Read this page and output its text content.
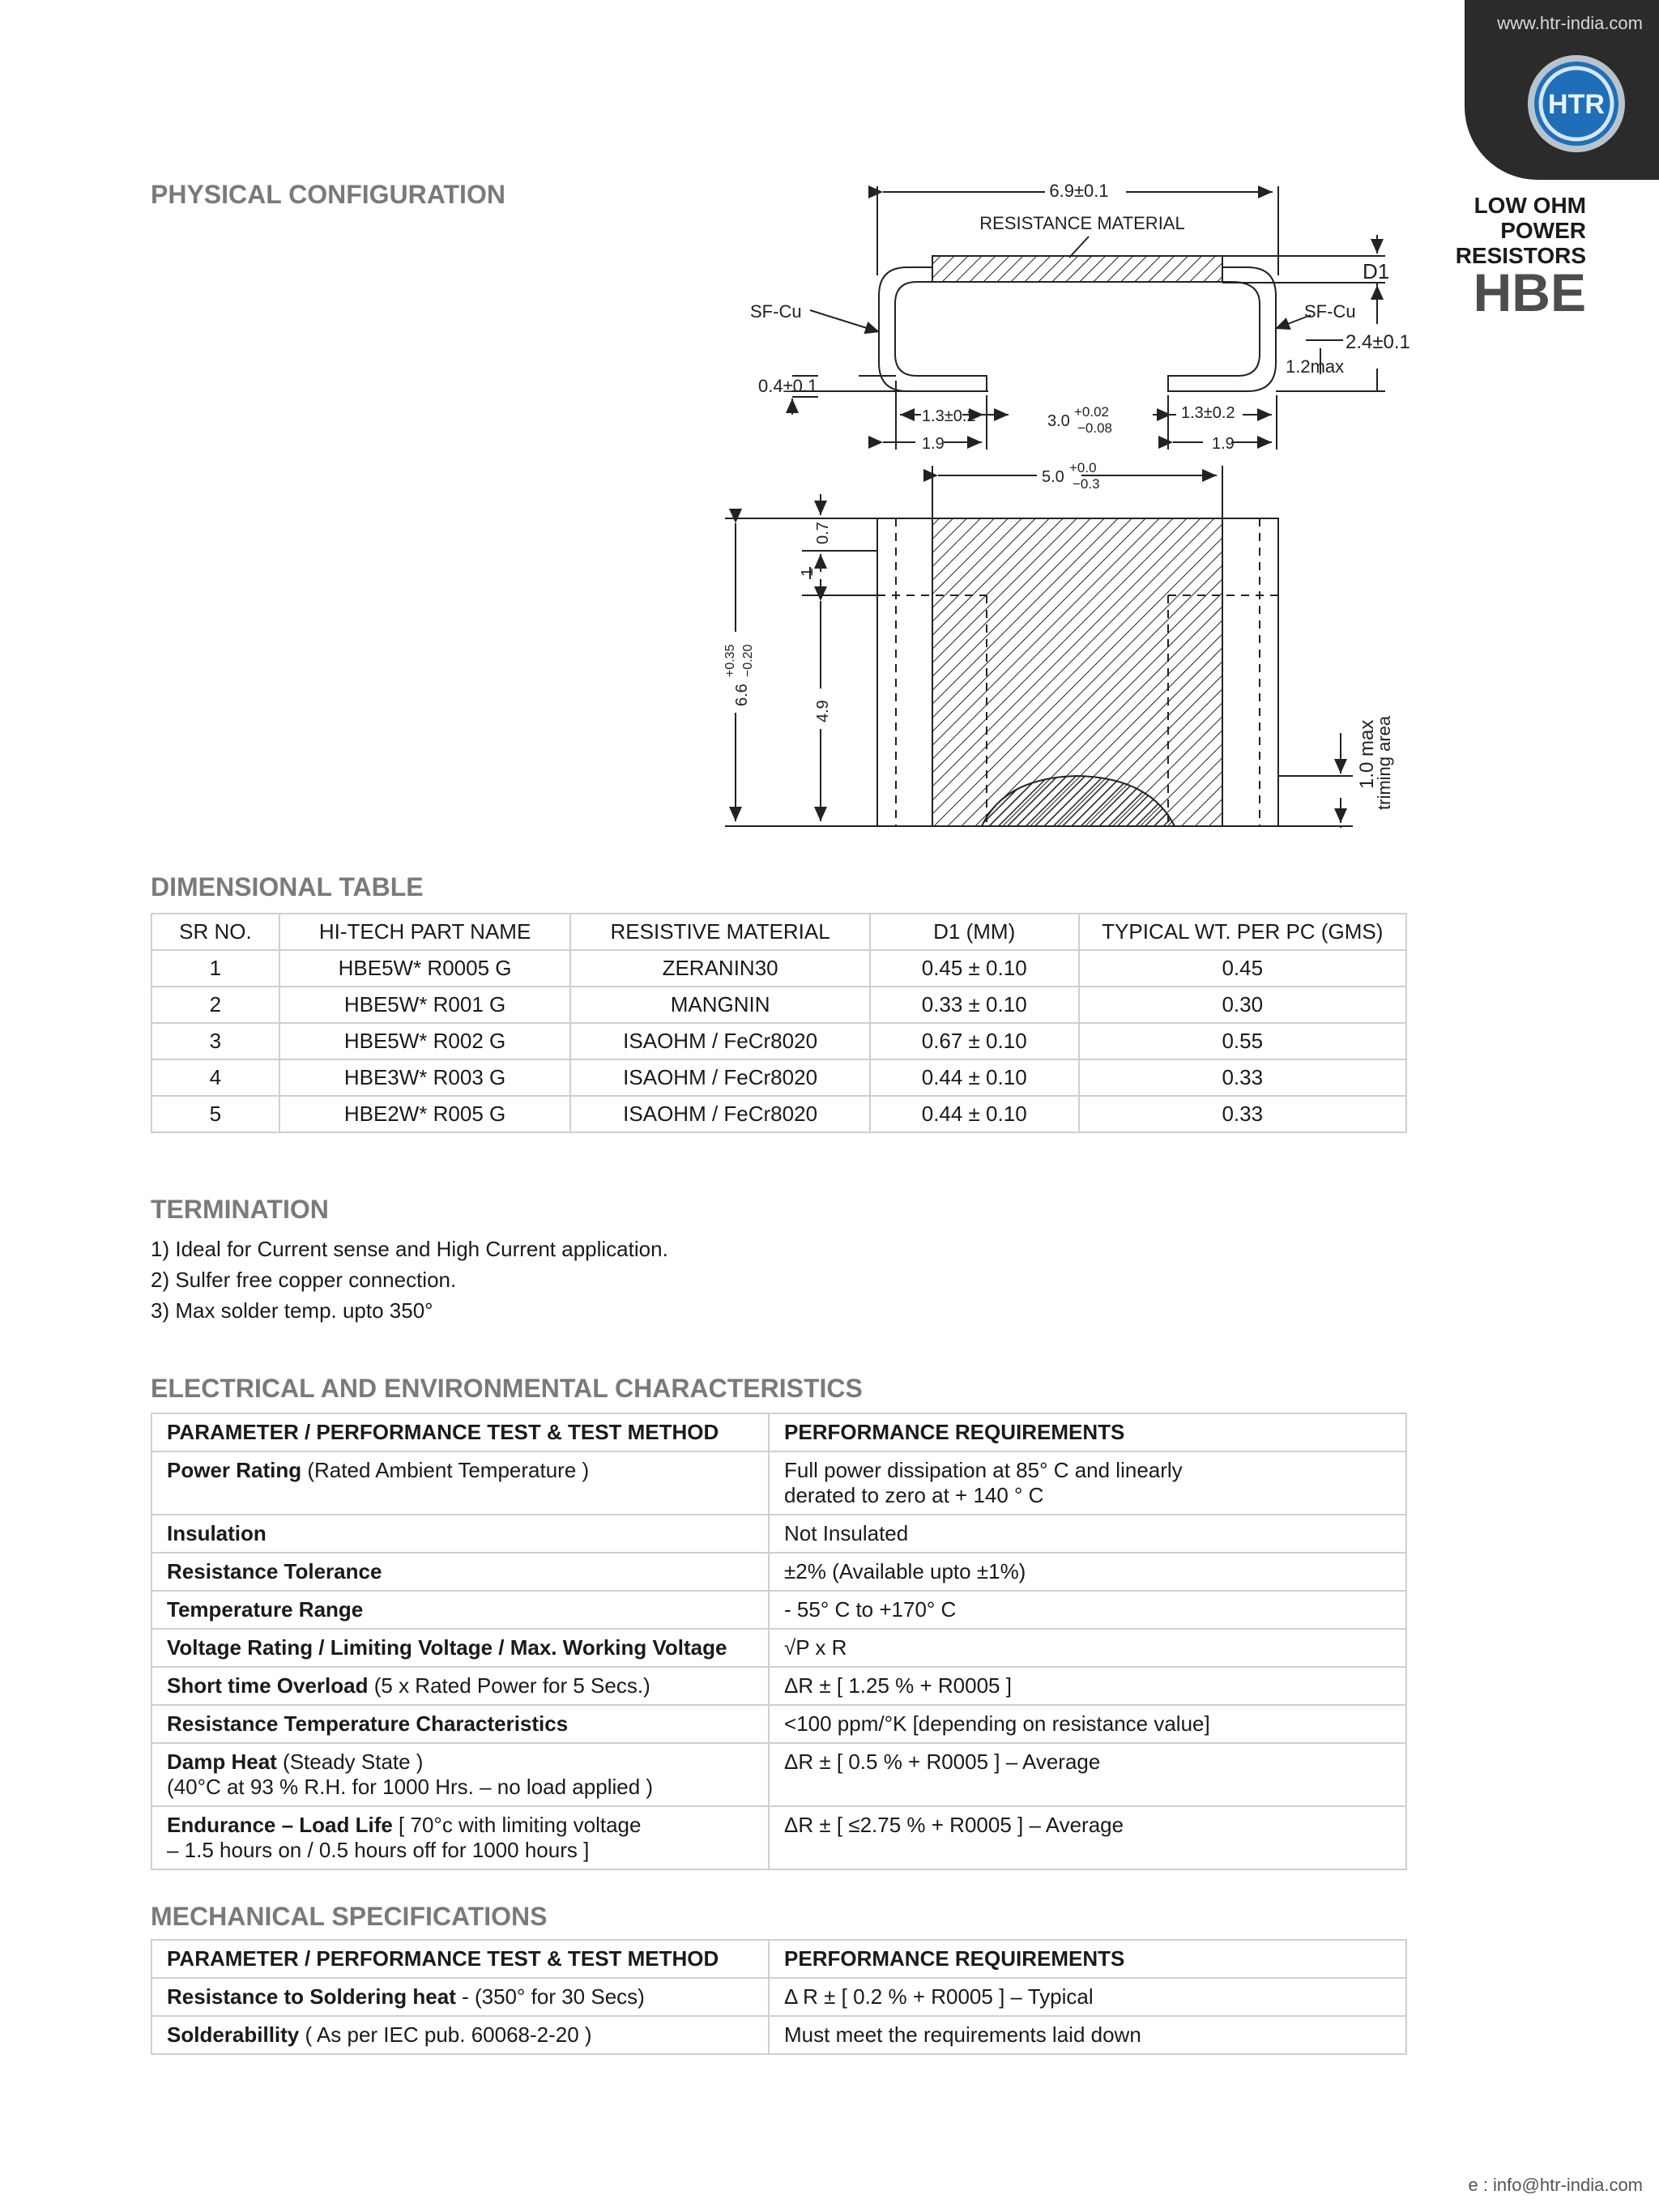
www.htr-india.com
HTR
LOW OHM
POWER
RESISTORS
HBE
PHYSICAL CONFIGURATION
DIMENSIONAL TABLE
TERMINATION
ELECTRICAL AND ENVIRONMENTAL CHARACTERISTICS
MECHANICAL SPECIFICATIONS
6.9±0.1
RESISTANCE MATERIAL
D1
SF-Cu	SF-Cu
2.4±0.1
1.2max
0.4±0.1
1.3±0.2	1.3±0.2
3.0
+0.02
−0.08
1.9	1.9
5.0
+0.0
−0.3
0.7
1
6.6
+0.35 −0.20
4.9
1.0 max
triming area
SR NO.	HI-TECH PART NAME	RESISTIVE MATERIAL	D1 (MM)	TYPICAL WT. PER PC (GMS)
1	HBE5W* R0005 G	ZERANIN30	0.45 ± 0.10	0.45
2	HBE5W* R001 G	MANGNIN	0.33 ± 0.10	0.30
3	HBE5W* R002 G	ISAOHM / FeCr8020	0.67 ± 0.10	0.55
4	HBE3W* R003 G	ISAOHM / FeCr8020	0.44 ± 0.10	0.33
5	HBE2W* R005 G	ISAOHM / FeCr8020	0.44 ± 0.10	0.33
1) Ideal for Current sense and High Current application.
2) Sulfer free copper connection.
3) Max solder temp. upto 350°
PARAMETER / PERFORMANCE TEST & TEST METHOD	PERFORMANCE REQUIREMENTS
Power Rating (Rated Ambient Temperature )	Full power dissipation at 85° C and linearly
derated to zero at + 140 ° C
Insulation	Not Insulated
Resistance Tolerance	±2% (Available upto ±1%)
Temperature Range	- 55° C to +170° C
Voltage Rating / Limiting Voltage / Max. Working Voltage	√P x R
Short time Overload (5 x Rated Power for 5 Secs.)	ΔR ± [ 1.25 % + R0005 ]
Resistance Temperature Characteristics	<100 ppm/°K [depending on resistance value]
Damp Heat (Steady State )
(40°C at 93 % R.H. for 1000 Hrs. – no load applied )	ΔR ± [ 0.5 % + R0005 ] – Average
Endurance – Load Life [ 70°c with limiting voltage
– 1.5 hours on / 0.5 hours off for 1000 hours ]	ΔR ± [ ≤2.75 % + R0005 ] – Average
PARAMETER / PERFORMANCE TEST & TEST METHOD	PERFORMANCE REQUIREMENTS
Resistance to Soldering heat - (350° for 30 Secs)	Δ R ± [ 0.2 % + R0005 ] – Typical
Solderabillity ( As per IEC pub. 60068-2-20 )	Must meet the requirements laid down
e : info@htr-india.com
